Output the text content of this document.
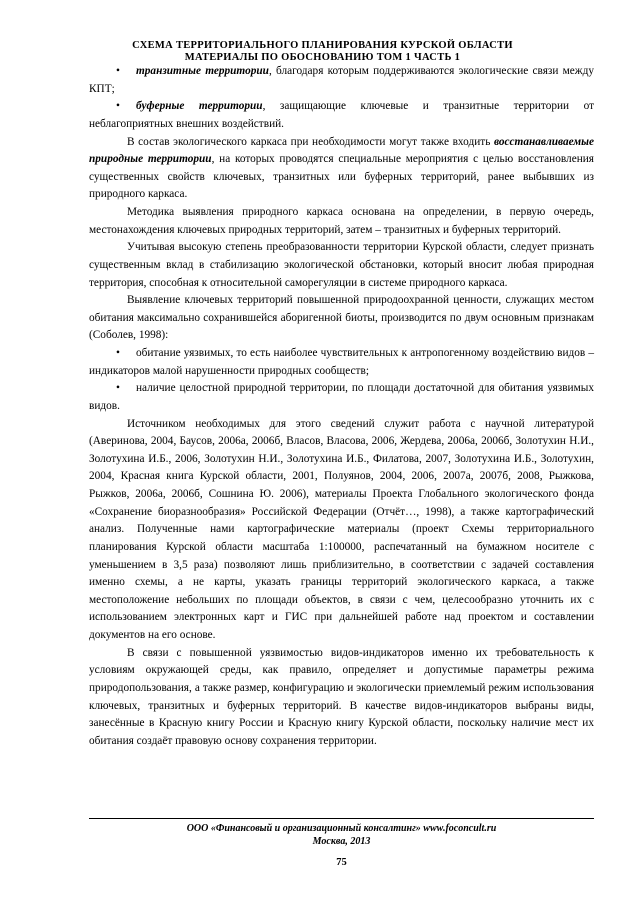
СХЕМА ТЕРРИТОРИАЛЬНОГО ПЛАНИРОВАНИЯ КУРСКОЙ ОБЛАСТИ
МАТЕРИАЛЫ ПО ОБОСНОВАНИЮ ТОМ 1 ЧАСТЬ 1

• транзитные территории, благодаря которым поддерживаются экологические связи между КПТ;

• буферные территории, защищающие ключевые и транзитные территории от неблагоприятных внешних воздействий.

В состав экологического каркаса при необходимости могут также входить восстанавливаемые природные территории, на которых проводятся специальные мероприятия с целью восстановления существенных свойств ключевых, транзитных или буферных территорий, ранее выбывших из природного каркаса.

Методика выявления природного каркаса основана на определении, в первую очередь, местонахождения ключевых природных территорий, затем – транзитных и буферных территорий.

Учитывая высокую степень преобразованности территории Курской области, следует признать существенным вклад в стабилизацию экологической обстановки, который вносит любая природная территория, способная к относительной саморегуляции в системе природного каркаса.

Выявление ключевых территорий повышенной природоохранной ценности, служащих местом обитания максимально сохранившейся аборигенной биоты, производится по двум основным признакам (Соболев, 1998):

• обитание уязвимых, то есть наиболее чувствительных к антропогенному воздействию видов – индикаторов малой нарушенности природных сообществ;

• наличие целостной природной территории, по площади достаточной для обитания уязвимых видов.

Источником необходимых для этого сведений служит работа с научной литературой (Аверинова, 2004, Баусов, 2006а, 2006б, Власов, Власова, 2006, Жердева, 2006а, 2006б, Золотухин Н.И., Золотухина И.Б., 2006, Золотухин Н.И., Золотухина И.Б., Филатова, 2007, Золотухина И.Б., Золотухин, 2004, Красная книга Курской области, 2001, Полуянов, 2004, 2006, 2007а, 2007б, 2008, Рыжкова, Рыжков, 2006а, 2006б, Сошнина Ю. 2006), материалы Проекта Глобального экологического фонда «Сохранение биоразнообразия» Российской Федерации (Отчёт…, 1998), а также картографический анализ. Полученные нами картографические материалы (проект Схемы территориального планирования Курской области масштаба 1:100000, распечатанный на бумажном носителе с уменьшением в 3,5 раза) позволяют лишь приблизительно, в соответствии с задачей составления именно схемы, а не карты, указать границы территорий экологического каркаса, а также местоположение небольших по площади объектов, в связи с чем, целесообразно уточнить их с использованием электронных карт и ГИС при дальнейшей работе над проектом и составлении документов на его основе.

В связи с повышенной уязвимостью видов-индикаторов именно их требовательность к условиям окружающей среды, как правило, определяет и допустимые параметры режима природопользования, а также размер, конфигурацию и экологически приемлемый режим использования ключевых, транзитных и буферных территорий. В качестве видов-индикаторов выбраны виды, занесённые в Красную книгу России и Красную книгу Курской области, поскольку наличие мест их обитания создаёт правовую основу сохранения территории.

ООО «Финансовый и организационный консалтинг» www.foconcult.ru
Москва, 2013
75
